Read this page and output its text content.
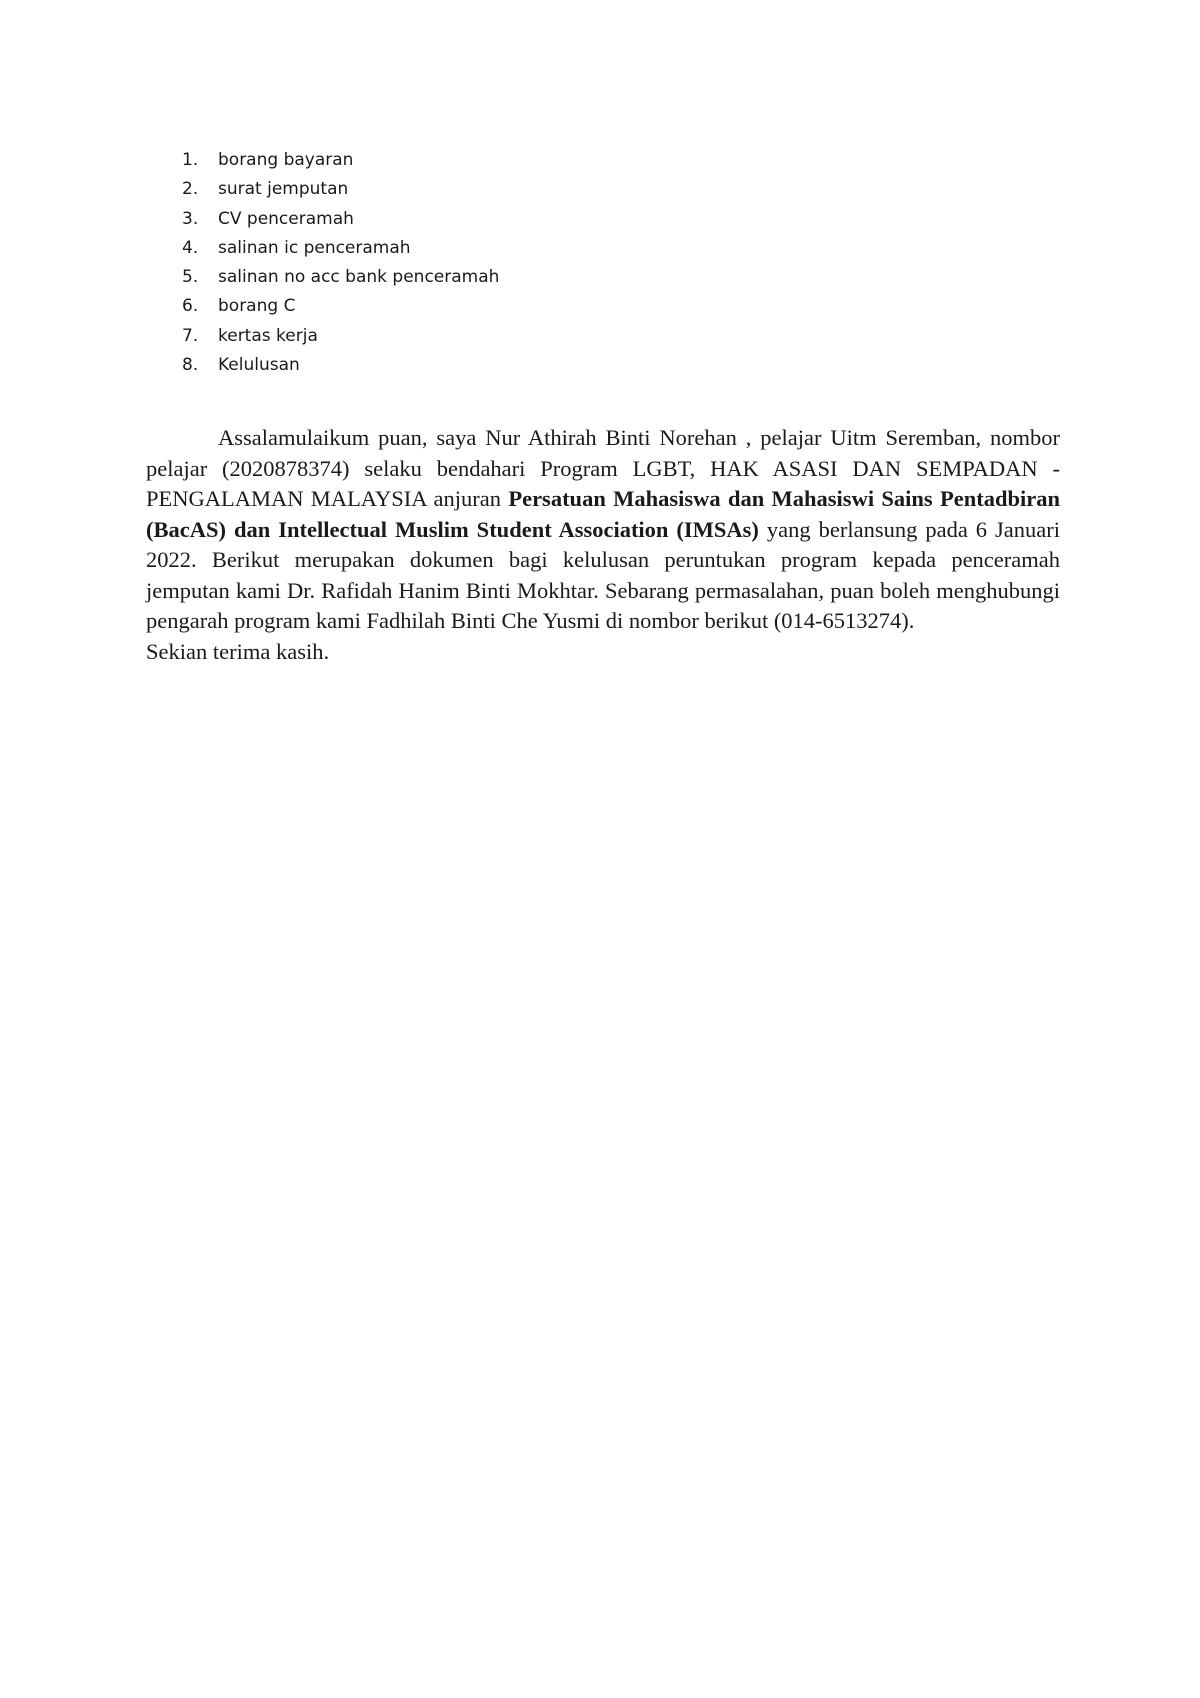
1. borang bayaran
2. surat jemputan
3. CV penceramah
4. salinan ic penceramah
5. salinan no acc bank penceramah
6. borang C
7. kertas kerja
8. Kelulusan

Assalamulaikum puan, saya Nur Athirah Binti Norehan , pelajar Uitm Seremban, nombor pelajar (2020878374) selaku bendahari Program LGBT, HAK ASASI DAN SEMPADAN - PENGALAMAN MALAYSIA anjuran Persatuan Mahasiswa dan Mahasiswi Sains Pentadbiran (BacAS) dan Intellectual Muslim Student Association (IMSAs) yang berlansung pada 6 Januari 2022. Berikut merupakan dokumen bagi kelulusan peruntukan program kepada penceramah jemputan kami Dr. Rafidah Hanim Binti Mokhtar. Sebarang permasalahan, puan boleh menghubungi pengarah program kami Fadhilah Binti Che Yusmi di nombor berikut (014-6513274).

Sekian terima kasih.
